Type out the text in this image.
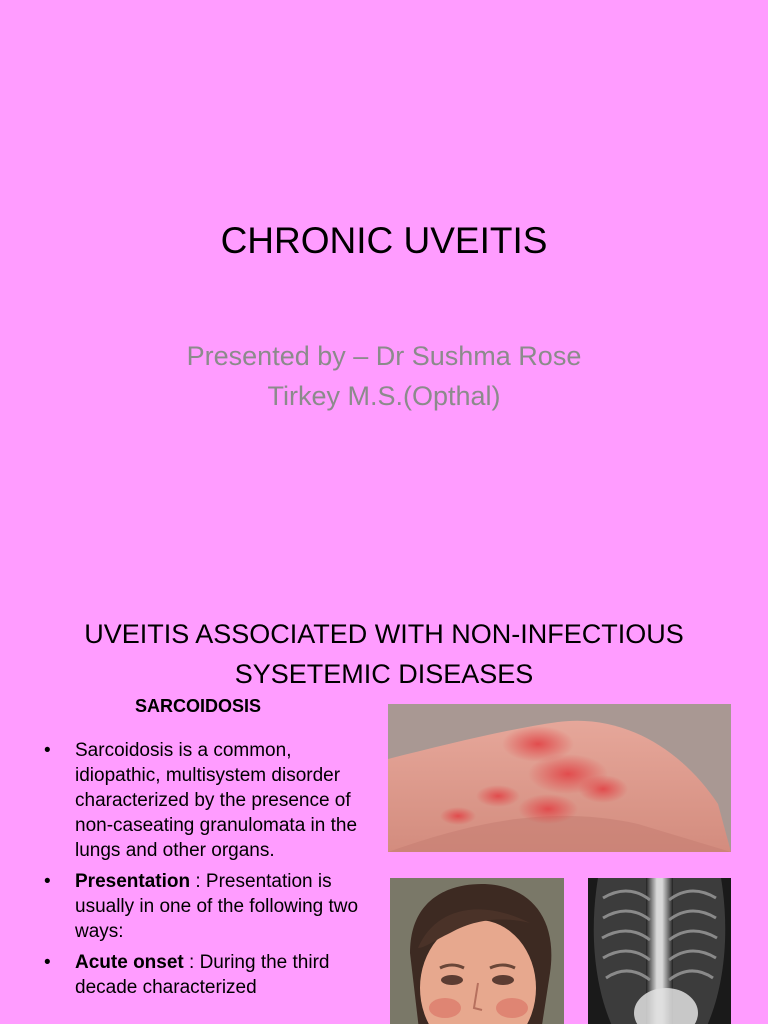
CHRONIC UVEITIS
Presented by – Dr Sushma Rose
Tirkey M.S.(Opthal)
UVEITIS ASSOCIATED WITH NON-INFECTIOUS
SYSETEMIC DISEASES
SARCOIDOSIS
• Sarcoidosis is a common, idiopathic, multisystem disorder characterized by the presence of non-caseating granulomata in the lungs and other organs.
• Presentation : Presentation is usually in one of the following two ways:
• Acute onset : During the third decade characterized
